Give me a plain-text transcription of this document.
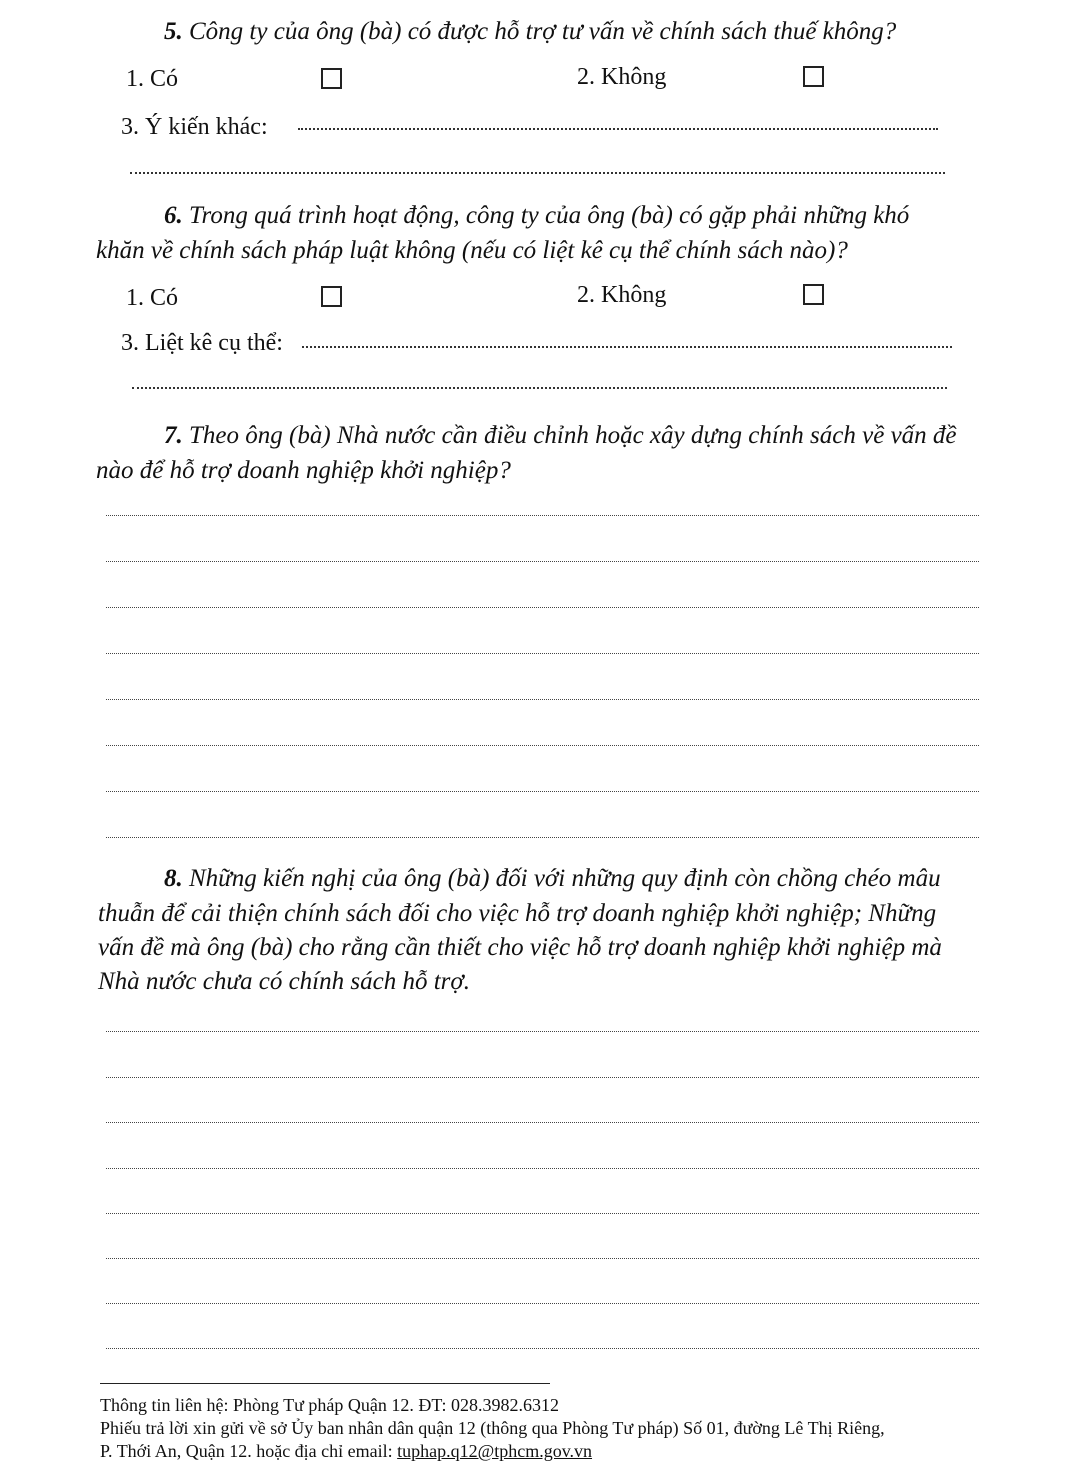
5. Công ty của ông (bà) có được hỗ trợ tư vấn về chính sách thuế không?
1. Có	2. Không
3. Ý kiến khác:
6. Trong quá trình hoạt động, công ty của ông (bà) có gặp phải những khó
khăn về chính sách pháp luật không (nếu có liệt kê cụ thể chính sách nào)?
1. Có	2. Không
3. Liệt kê cụ thể:
7. Theo ông (bà) Nhà nước cần điều chỉnh hoặc xây dựng chính sách về vấn đề
nào để hỗ trợ doanh nghiệp khởi nghiệp?
8. Những kiến nghị của ông (bà) đối với những quy định còn chồng chéo mâu
thuẫn để cải thiện chính sách đối cho việc hỗ trợ doanh nghiệp khởi nghiệp; Những
vấn đề mà ông (bà) cho rằng cần thiết cho việc hỗ trợ doanh nghiệp khởi nghiệp mà
Nhà nước chưa có chính sách hỗ trợ.
Thông tin liên hệ: Phòng Tư pháp Quận 12. ĐT: 028.3982.6312
Phiếu trả lời xin gửi về sở Ủy ban nhân dân quận 12 (thông qua Phòng Tư pháp) Số 01, đường Lê Thị Riêng,
P. Thới An, Quận 12. hoặc địa chỉ email: tuphap.q12@tphcm.gov.vn
